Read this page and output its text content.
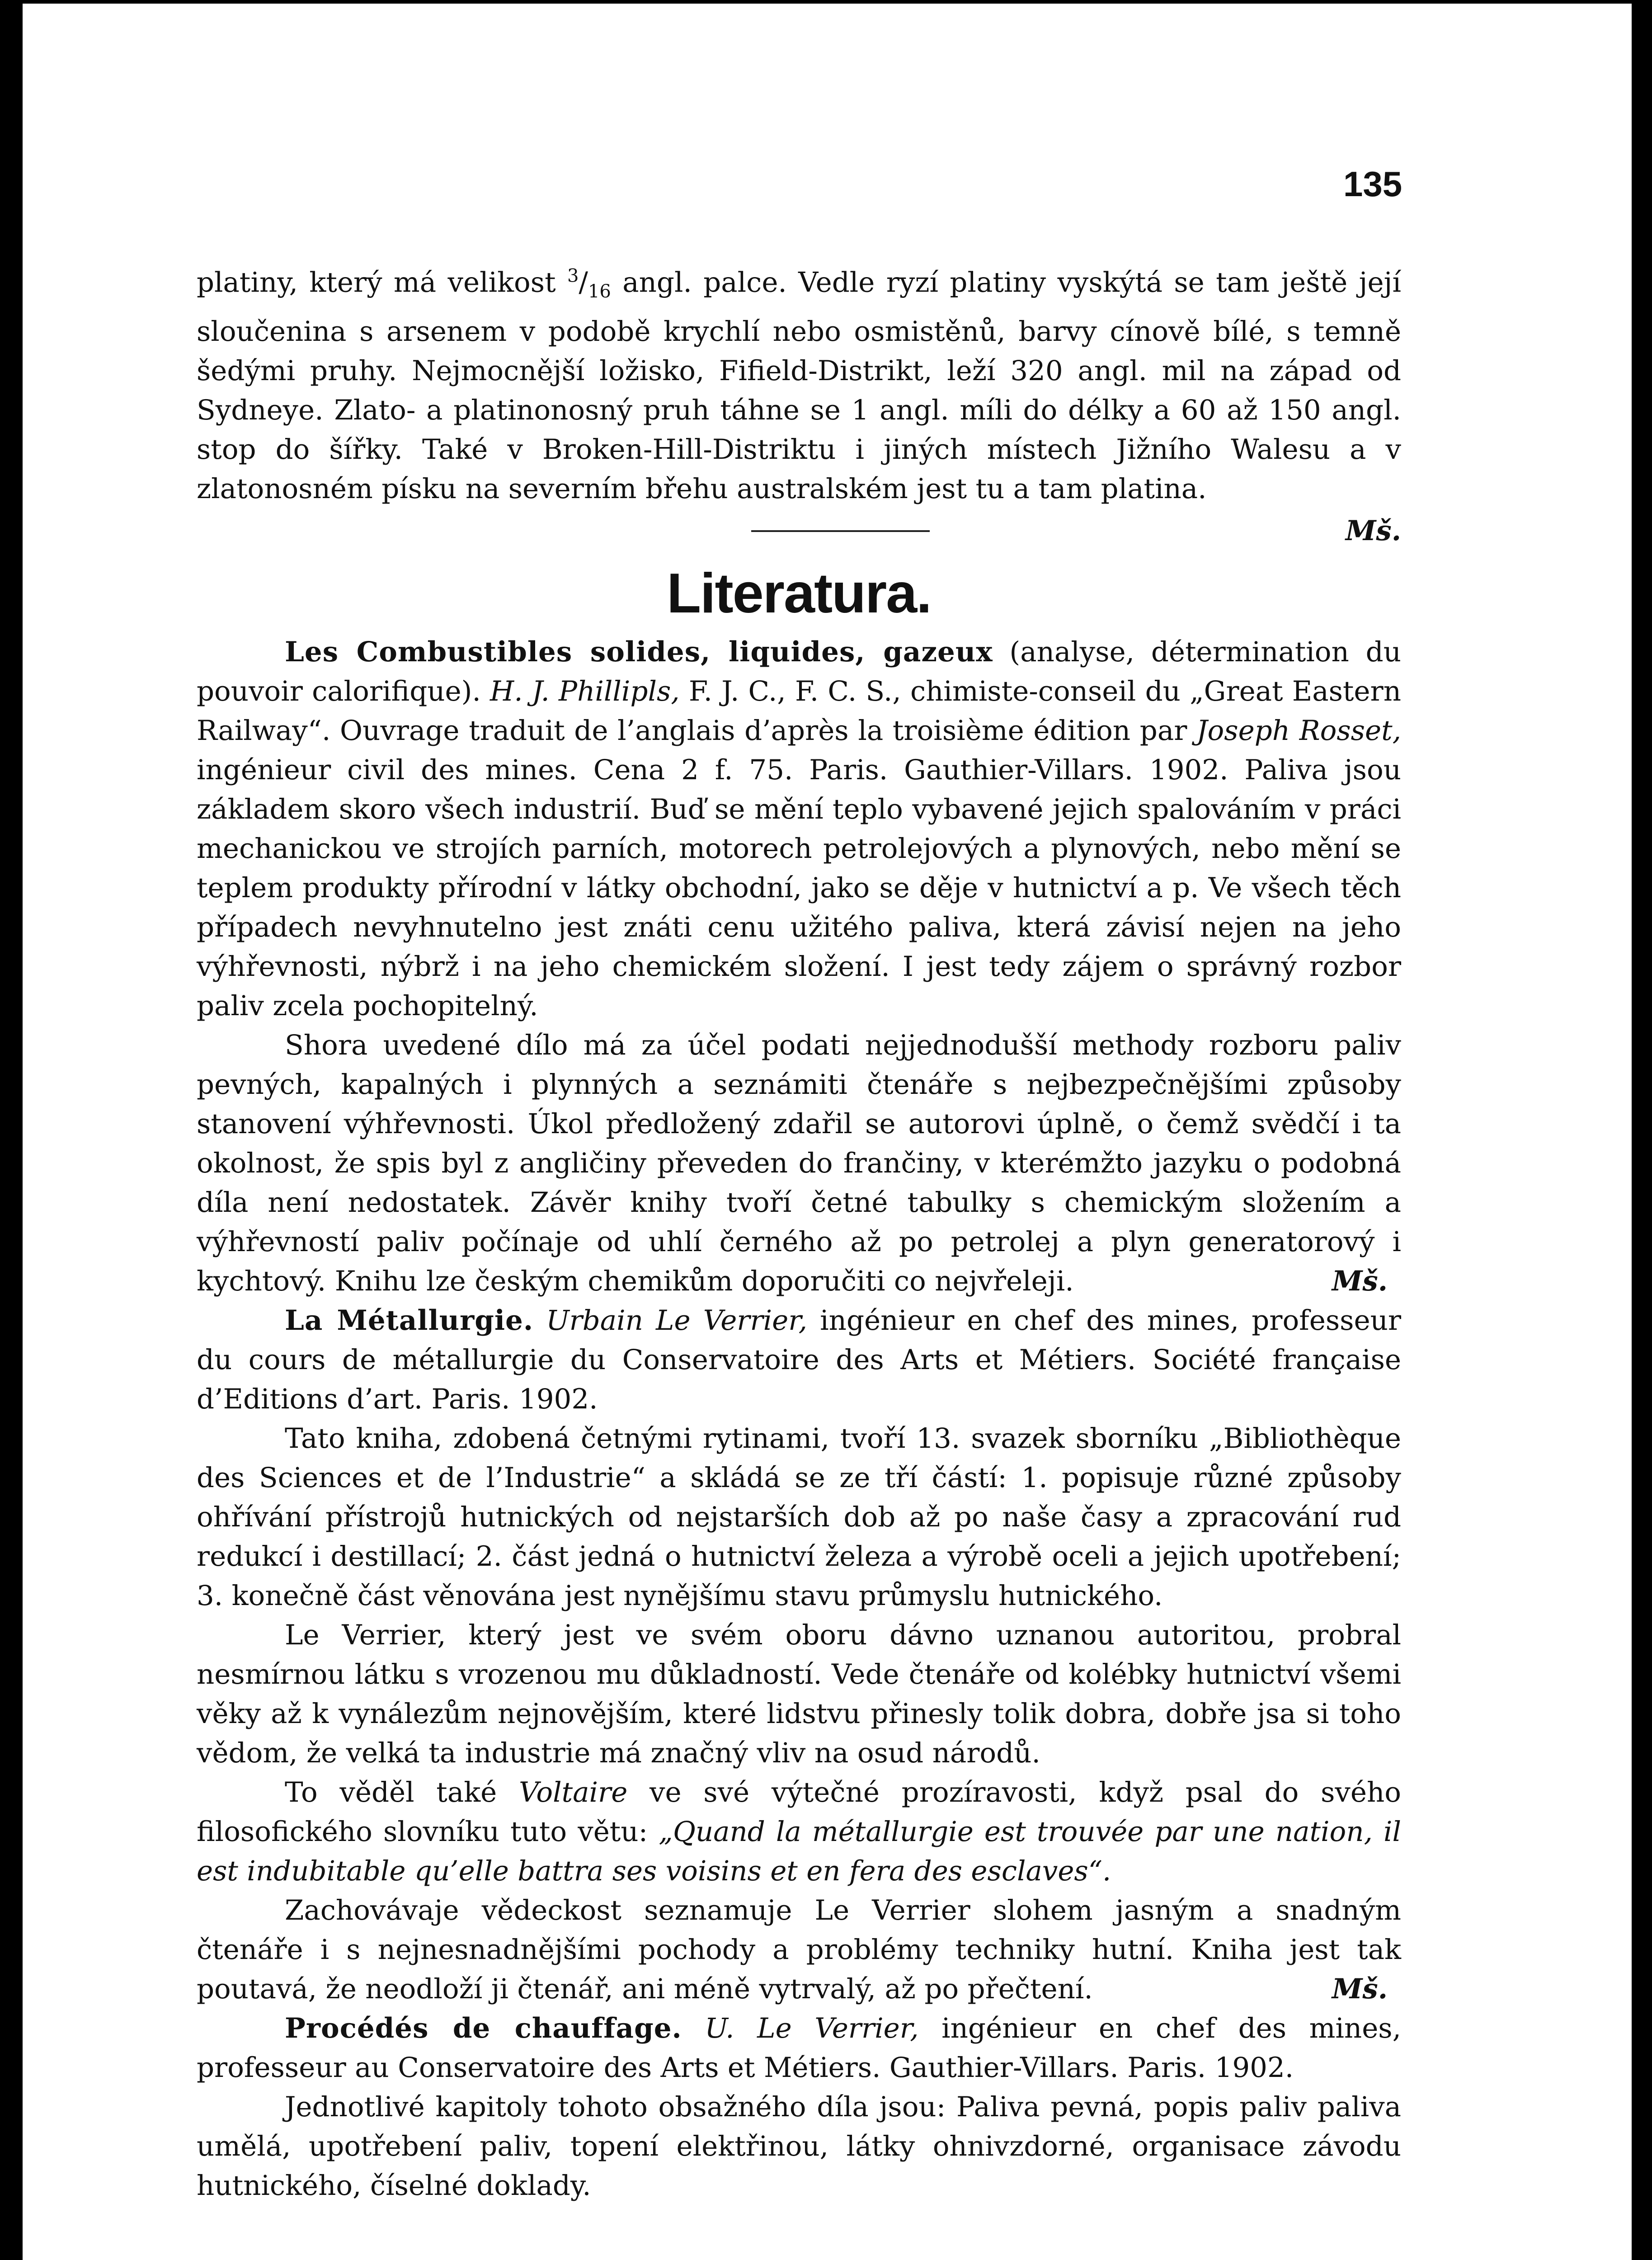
135

platiny, který má velikost $^3/_{16}$ angl. palce. Vedle ryzí platiny vyskýtá se tam ještě její sloučenina s arsenem v podobě krychlí nebo osmistěnů, barvy cínově bílé, s temně šedými pruhy. Nejmocnější ložisko, Fifield-Distrikt, leží 320 angl. mil na západ od Sydneye. Zlato- a platinonosný pruh táhne se 1 angl. míli do délky a 60 až 150 angl. stop do šířky. Také v Broken-Hill-Distriktu i jiných místech Jižního Walesu a v zlatonosném písku na severním břehu australském jest tu a tam platina.

Mš.
Literatura.

Les Combustibles solides, liquides, gazeux (analyse, détermination du pouvoir calorifique). H. J. Phillipls, F. J. C., F. C. S., chimiste-conseil du „Great Eastern Railway“. Ouvrage traduit de l’anglais d’après la troisième édition par Joseph Rosset, ingénieur civil des mines. Cena 2 f. 75. Paris. Gauthier-Villars. 1902. Paliva jsou základem skoro všech industrií. Buď se mění teplo vybavené jejich spalováním v práci mechanickou ve strojích parních, motorech petrolejových a plynových, nebo mění se teplem produkty přírodní v látky obchodní, jako se děje v hutnictví a p. Ve všech těch případech nevyhnutelno jest znáti cenu užitého paliva, která závisí nejen na jeho výhřevnosti, nýbrž i na jeho chemickém složení. I jest tedy zájem o správný rozbor paliv zcela pochopitelný.

Shora uvedené dílo má za účel podati nejjednodušší methody rozboru paliv pevných, kapalných i plynných a seznámiti čtenáře s nejbezpečnějšími způsoby stanovení výhřevnosti. Úkol předložený zdařil se autorovi úplně, o čemž svědčí i ta okolnost, že spis byl z angličiny převeden do frančiny, v kterémžto jazyku o podobná díla není nedostatek. Závěr knihy tvoří četné tabulky s chemickým složením a výhřevností paliv počínaje od uhlí černého až po petrolej a plyn generatorový i kychtový. Knihu lze českým chemikům doporučiti co nejvřeleji.	Mš.

La Métallurgie. Urbain Le Verrier, ingénieur en chef des mines, professeur du cours de métallurgie du Conservatoire des Arts et Métiers. Société française d’Editions d’art. Paris. 1902.

Tato kniha, zdobená četnými rytinami, tvoří 13. svazek sborníku „Bibliothèque des Sciences et de l’Industrie“ a skládá se ze tří částí: 1. popisuje různé způsoby ohřívání přístrojů hutnických od nejstarších dob až po naše časy a zpracování rud redukcí i destillací; 2. část jedná o hutnictví železa a výrobě oceli a jejich upotřebení; 3. konečně část věnována jest nynějšímu stavu průmyslu hutnického.

Le Verrier, který jest ve svém oboru dávno uznanou autoritou, probral nesmírnou látku s vrozenou mu důkladností. Vede čtenáře od kolébky hutnictví všemi věky až k vynálezům nejnovějším, které lidstvu přinesly tolik dobra, dobře jsa si toho vědom, že velká ta industrie má značný vliv na osud národů.

To věděl také Voltaire ve své výtečné prozíravosti, když psal do svého filosofického slovníku tuto větu: „Quand la métallurgie est trouvée par une nation, il est indubitable qu’elle battra ses voisins et en fera des esclaves“.

Zachovávaje vědeckost seznamuje Le Verrier slohem jasným a snadným čtenáře i s nejnesnadnějšími pochody a problémy techniky hutní. Kniha jest tak poutavá, že neodloží ji čtenář, ani méně vytrvalý, až po přečtení.	Mš.

Procédés de chauffage. U. Le Verrier, ingénieur en chef des mines, professeur au Conservatoire des Arts et Métiers. Gauthier-Villars. Paris. 1902.

Jednotlivé kapitoly tohoto obsažného díla jsou: Paliva pevná, popis paliv paliva umělá, upotřebení paliv, topení elektřinou, látky ohnivzdorné, organisace závodu hutnického, číselné doklady.
